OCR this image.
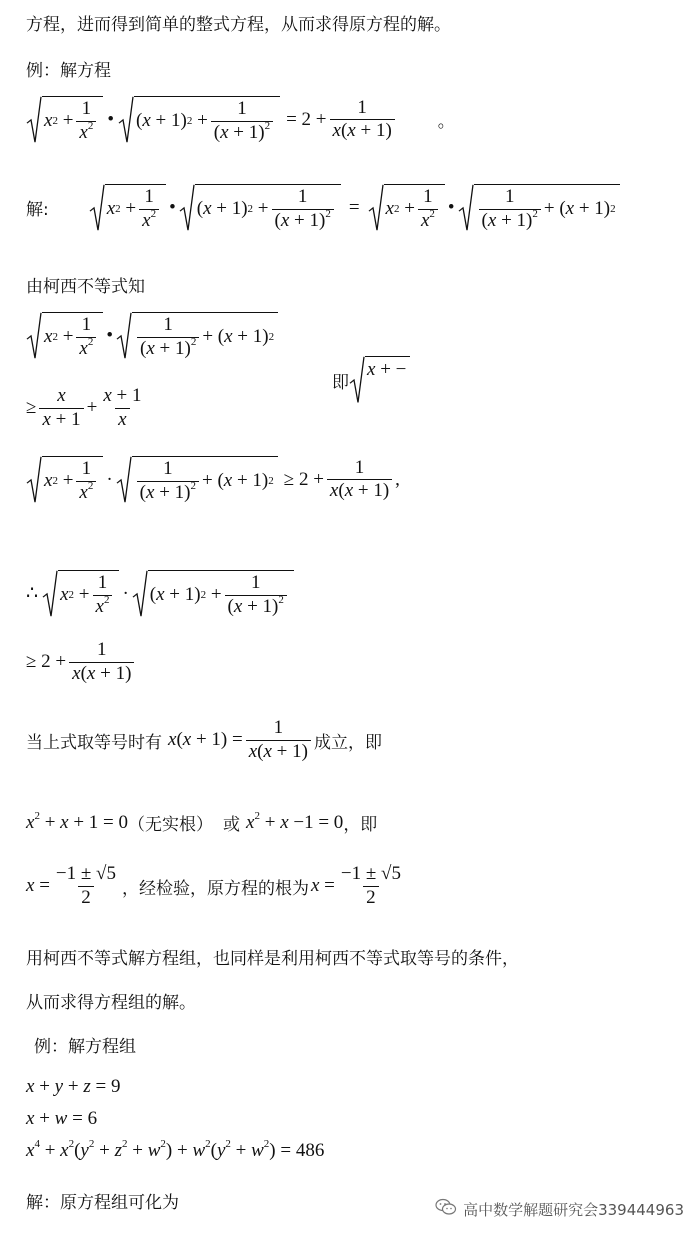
方程，进而得到简单的整式方程，从而求得原方程的解。
例：解方程
x $2 + \frac{1}{x^2}$ • ( x + 1) $2 + \frac{1}{(x + 1)^2} = 2 + \frac{1}{x(x + 1)}$	。
解:	x $2 + \frac{1}{x^2}$ • ( x + 1) $2 + \frac{1}{(x + 1)^2} = x$ $2 + \frac{1}{x^2}$ • $\frac{1}{(x + 1)^2}$ + ( x + 1) 2
由柯西不等式知
x $2 + \frac{1}{x^2}$ • $\frac{1}{(x + 1)^2}$ + ( x + 1) 2
即
x + −
≥ $\frac{x}{x + 1} + \frac{x + 1}{x}$
x $2 + \frac{1}{x^2} \cdot \frac{1}{(x + 1)^2}$ + ( x + 1) $2 \ge 2 + \frac{1}{x(x + 1)}$ ,
∴ x $2 + \frac{1}{x^2}$ · ( x + 1) $2 + \frac{1}{(x + 1)^2}$
≥ $2 + \frac{1}{x(x + 1)}$
当上式取等号时有 $x(x + 1) = \frac{1}{x(x + 1)}$ 成立，即
$x^2 + x + 1 = 0$ （无实根） 或 $x^2 + x -1 = 0$ ，即
$x = \frac{-1 \pm √5}{2}$ ，经检验，原方程的根为 $x = \frac{-1 \pm √5}{2}$
用柯西不等式解方程组，也同样是利用柯西不等式取等号的条件，
从而求得方程组的解。
例：解方程组
x + y + z = 9
x + w = 6
$x^4 + x^2(y^2 + z^2 + w^2) + w^2(y^2 + w^2) = 486$
解：原方程组可化为	高中数学解题研究会339444963
